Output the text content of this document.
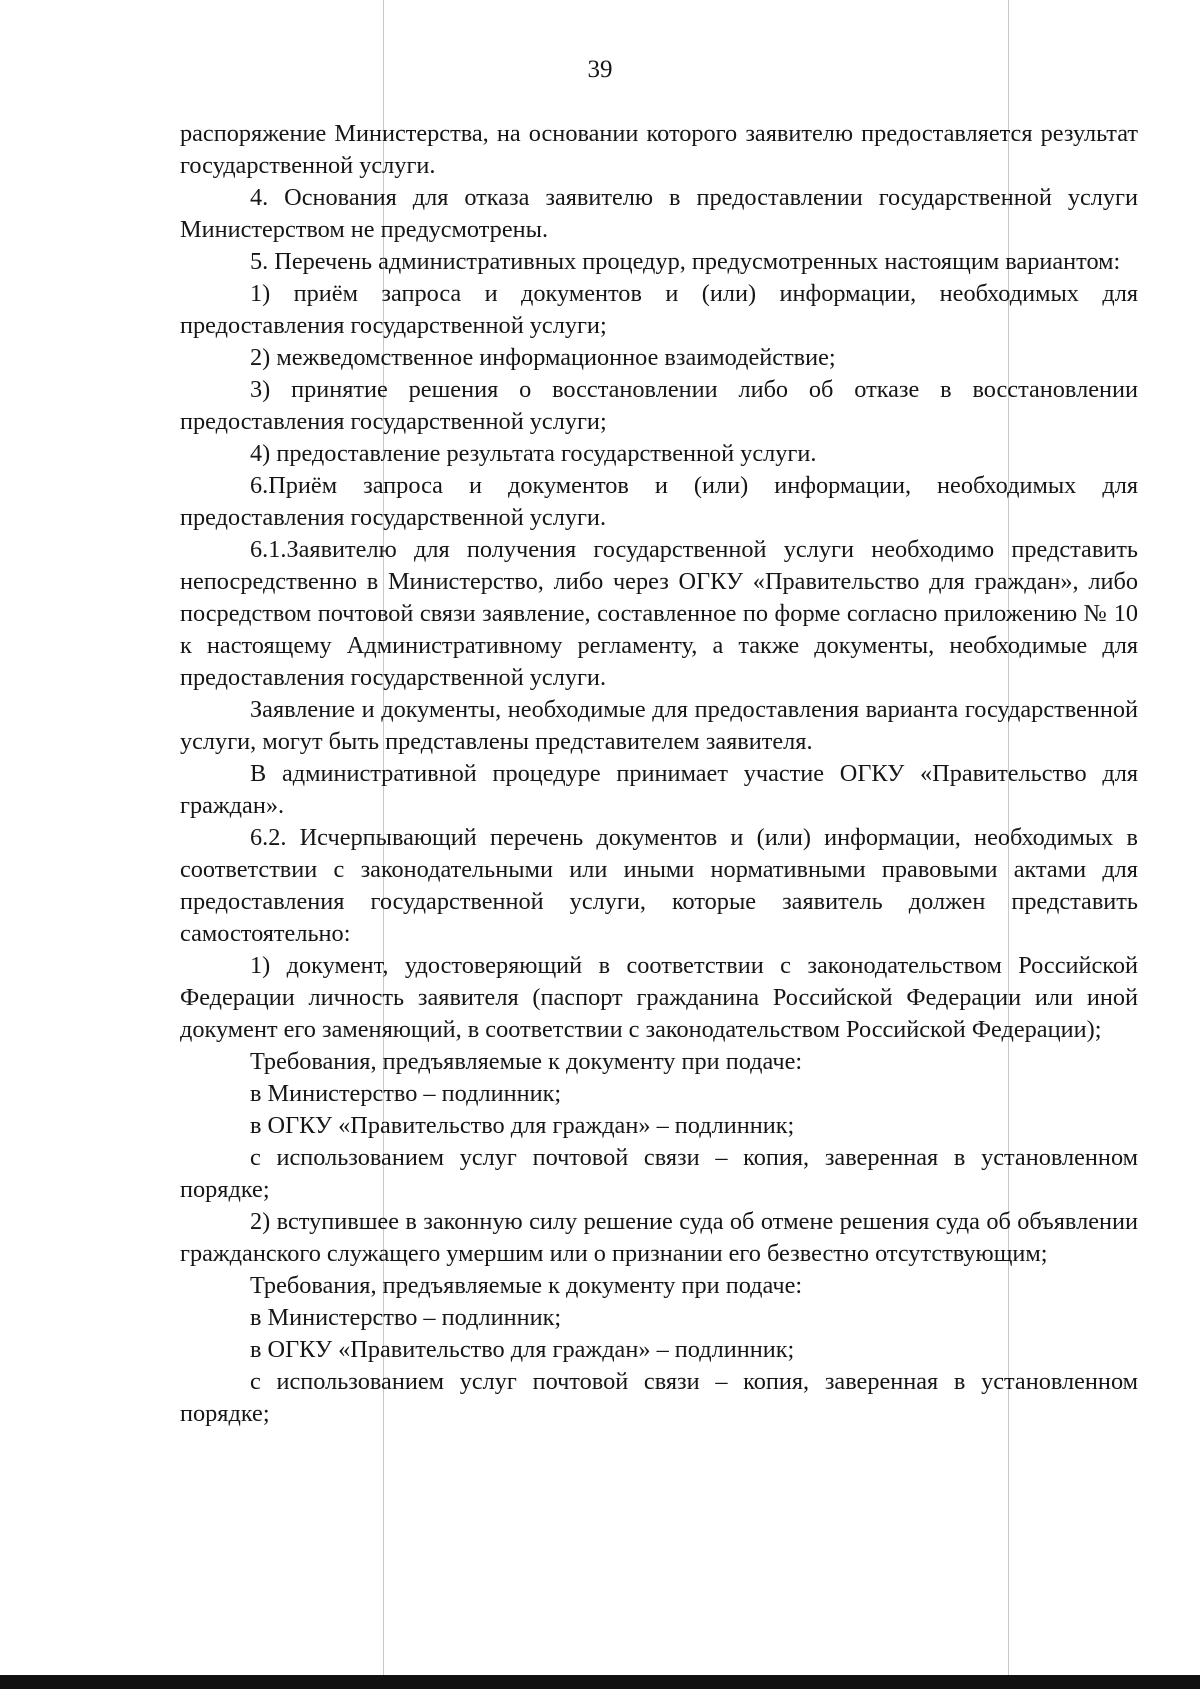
39

распоряжение Министерства, на основании которого заявителю предоставляется результат государственной услуги.

4. Основания для отказа заявителю в предоставлении государственной услуги Министерством не предусмотрены.

5. Перечень административных процедур, предусмотренных настоящим вариантом:

1) приём запроса и документов и (или) информации, необходимых для предоставления государственной услуги;

2) межведомственное информационное взаимодействие;

3) принятие решения о восстановлении либо об отказе в восстановлении предоставления государственной услуги;

4) предоставление результата государственной услуги.

6.Приём запроса и документов и (или) информации, необходимых для предоставления государственной услуги.

6.1.Заявителю для получения государственной услуги необходимо представить непосредственно в Министерство, либо через ОГКУ «Правительство для граждан», либо посредством почтовой связи заявление, составленное по форме согласно приложению № 10 к настоящему Административному регламенту, а также документы, необходимые для предоставления государственной услуги.

Заявление и документы, необходимые для предоставления варианта государственной услуги, могут быть представлены представителем заявителя.

В административной процедуре принимает участие ОГКУ «Правительство для граждан».

6.2. Исчерпывающий перечень документов и (или) информации, необходимых в соответствии с законодательными или иными нормативными правовыми актами для предоставления государственной услуги, которые заявитель должен представить самостоятельно:

1) документ, удостоверяющий в соответствии с законодательством Российской Федерации личность заявителя (паспорт гражданина Российской Федерации или иной документ его заменяющий, в соответствии с законодательством Российской Федерации);

Требования, предъявляемые к документу при подаче:

в Министерство – подлинник;

в ОГКУ «Правительство для граждан» – подлинник;

с использованием услуг почтовой связи – копия, заверенная в установленном порядке;

2) вступившее в законную силу решение суда об отмене решения суда об объявлении гражданского служащего умершим или о признании его безвестно отсутствующим;

Требования, предъявляемые к документу при подаче:

в Министерство – подлинник;

в ОГКУ «Правительство для граждан» – подлинник;

с использованием услуг почтовой связи – копия, заверенная в установленном порядке;
